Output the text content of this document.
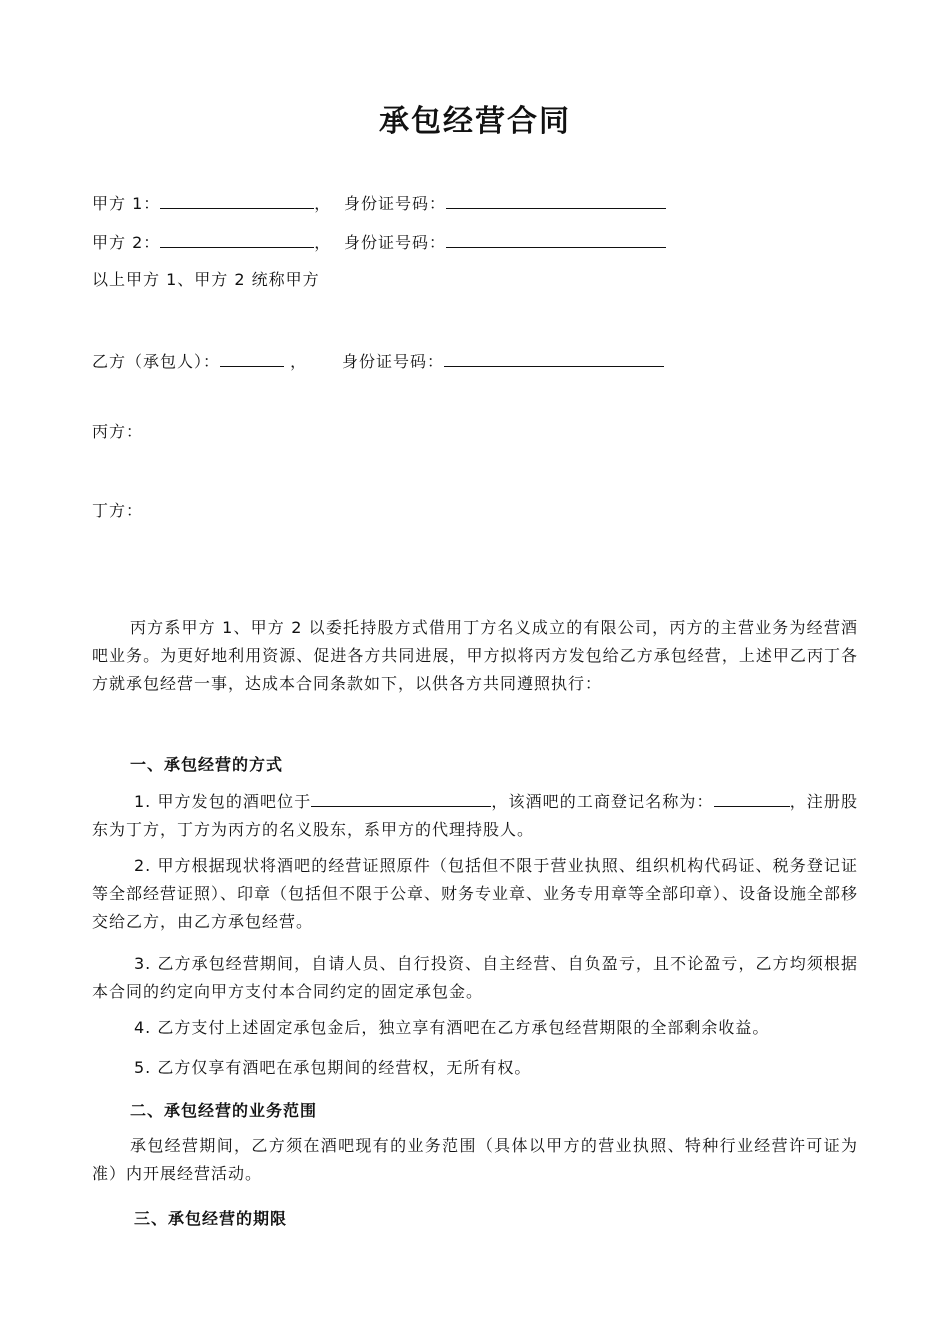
承包经营合同
甲方 1：	， 身份证号码：
甲方 2：	， 身份证号码：
以上甲方 1、甲方 2 统称甲方
乙方（承包人）：	， 身份证号码：
丙方：
丁方：

丙方系甲方 1、甲方 2 以委托持股方式借用丁方名义成立的有限公司，丙方的主营业务为经营酒吧业务。为更好地利用资源、促进各方共同进展，甲方拟将丙方发包给乙方承包经营，上述甲乙丙丁各方就承包经营一事，达成本合同条款如下，以供各方共同遵照执行：

一、承包经营的方式

1. 甲方发包的酒吧位于	，该酒吧的工商登记名称为：	，注册股东为丁方，丁方为丙方的名义股东，系甲方的代理持股人。

2. 甲方根据现状将酒吧的经营证照原件（包括但不限于营业执照、组织机构代码证、税务登记证等全部经营证照）、印章（包括但不限于公章、财务专业章、业务专用章等全部印章）、设备设施全部移交给乙方，由乙方承包经营。

3. 乙方承包经营期间，自请人员、自行投资、自主经营、自负盈亏，且不论盈亏，乙方均须根据本合同的约定向甲方支付本合同约定的固定承包金。

4. 乙方支付上述固定承包金后，独立享有酒吧在乙方承包经营期限的全部剩余收益。

5. 乙方仅享有酒吧在承包期间的经营权，无所有权。

二、承包经营的业务范围

承包经营期间，乙方须在酒吧现有的业务范围（具体以甲方的营业执照、特种行业经营许可证为准）内开展经营活动。

三、承包经营的期限
